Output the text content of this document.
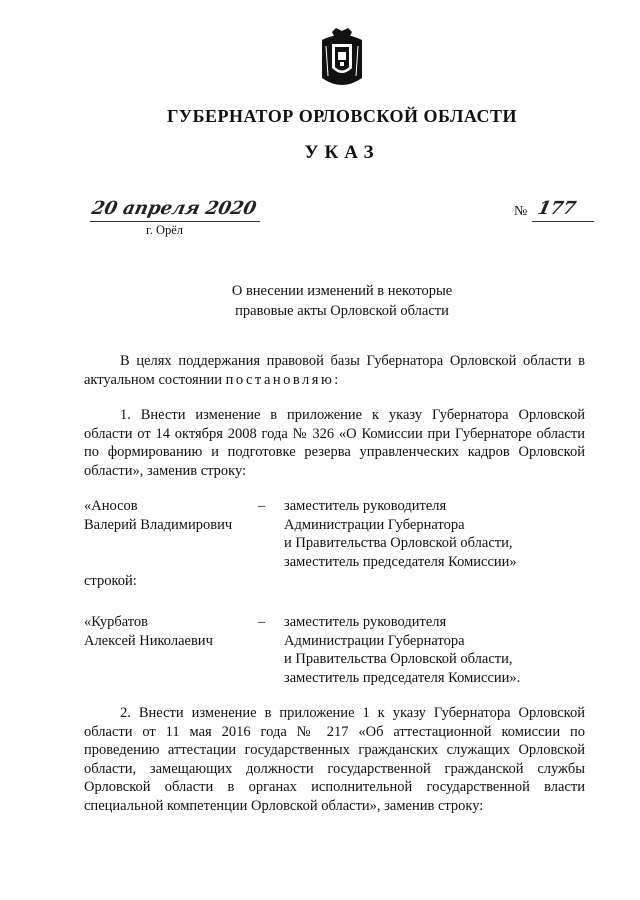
ГУБЕРНАТОР ОРЛОВСКОЙ ОБЛАСТИ
УКАЗ
20 апреля 2020
г. Орёл
№ 177
О внесении изменений в некоторые
правовые акты Орловской области
В целях поддержания правовой базы Губернатора Орловской области в актуальном состоянии постановляю:
1. Внести изменение в приложение к указу Губернатора Орловской области от 14 октября 2008 года № 326 «О Комиссии при Губернаторе области по формированию и подготовке резерва управленческих кадров Орловской области», заменив строку:
«Аносов
Валерий Владимирович
– заместитель руководителя
Администрации Губернатора
и Правительства Орловской области,
заместитель председателя Комиссии»
строкой:
«Курбатов
Алексей Николаевич
– заместитель руководителя
Администрации Губернатора
и Правительства Орловской области,
заместитель председателя Комиссии».
2. Внести изменение в приложение 1 к указу Губернатора Орловской области от 11 мая 2016 года № 217 «Об аттестационной комиссии по проведению аттестации государственных гражданских служащих Орловской области, замещающих должности государственной гражданской службы Орловской области в органах исполнительной государственной власти специальной компетенции Орловской области», заменив строку:
